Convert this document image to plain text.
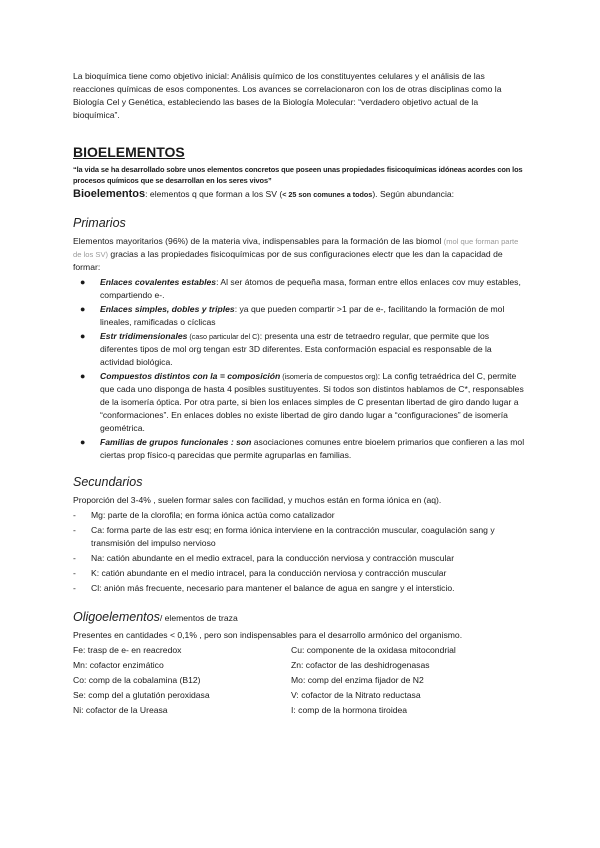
La bioquímica tiene como objetivo inicial: Análisis químico de los constituyentes celulares y el análisis de las reacciones químicas de esos componentes. Los avances se correlacionaron con los de otras disciplinas como la Biología Cel y Genética, estableciendo las bases de la Biología Molecular: “verdadero objetivo actual de la bioquímica”.

BIOELEMENTOS

“la vida se ha desarrollado sobre unos elementos concretos que poseen unas propiedades fisicoquímicas idóneas acordes con los procesos químicos que se desarrollan en los seres vivos”

Bioelementos: elementos q que forman a los SV (< 25 son comunes a todos). Según abundancia:

Primarios

Elementos mayoritarios (96%) de la materia viva, indispensables para la formación de las biomol (mol que forman parte de los SV) gracias a las propiedades fisicoquímicas por de sus configuraciones electr que les dan la capacidad de formar:

● Enlaces covalentes estables: Al ser átomos de pequeña masa, forman entre ellos enlaces cov muy estables, compartiendo e-.
● Enlaces simples, dobles y triples: ya que pueden compartir >1 par de e-, facilitando la formación de mol lineales, ramificadas o cíclicas
● Estr tridimensionales (caso particular del C): presenta una estr de tetraedro regular, que permite que los diferentes tipos de mol org tengan estr 3D diferentes. Esta conformación espacial es responsable de la actividad biológica.
● Compuestos distintos con la = composición (isomería de compuestos org): La config tetraédrica del C, permite que cada uno disponga de hasta 4 posibles sustituyentes. Si todos son distintos hablamos de C*, responsables de la isomería óptica. Por otra parte, si bien los enlaces simples de C presentan libertad de giro dando lugar a “conformaciones”. En enlaces dobles no existe libertad de giro dando lugar a “configuraciones” de isomería geométrica.
● Familias de grupos funcionales : son asociaciones comunes entre bioelem primarios que confieren a las mol ciertas prop físico-q parecidas que permite agruparlas en familias.
Secundarios

Proporción del 3-4% , suelen formar sales con facilidad, y muchos están en forma iónica en (aq).

- Mg: parte de la clorofila; en forma iónica actúa como catalizador
- Ca: forma parte de las estr esq; en forma iónica interviene en la contracción muscular, coagulación sang y transmisión del impulso nervioso
- Na: catión abundante en el medio extracel, para la conducción nerviosa y contracción muscular
- K: catión abundante en el medio intracel, para la conducción nerviosa y contracción muscular
- Cl: anión más frecuente, necesario para mantener el balance de agua en sangre y el intersticio.
Oligoelementos/ elementos de traza

Presentes en cantidades < 0,1% , pero son indispensables para el desarrollo armónico del organismo.

Fe: trasp de e- en reacredox	Cu: componente de la oxidasa mitocondrial
Mn: cofactor enzimático	Zn: cofactor de las deshidrogenasas
Co: comp de la cobalamina (B12)	Mo: comp del enzima fijador de N2
Se: comp del a glutatión peroxidasa	V: cofactor de la Nitrato reductasa
Ni: cofactor de la Ureasa	I: comp de la hormona tiroidea
